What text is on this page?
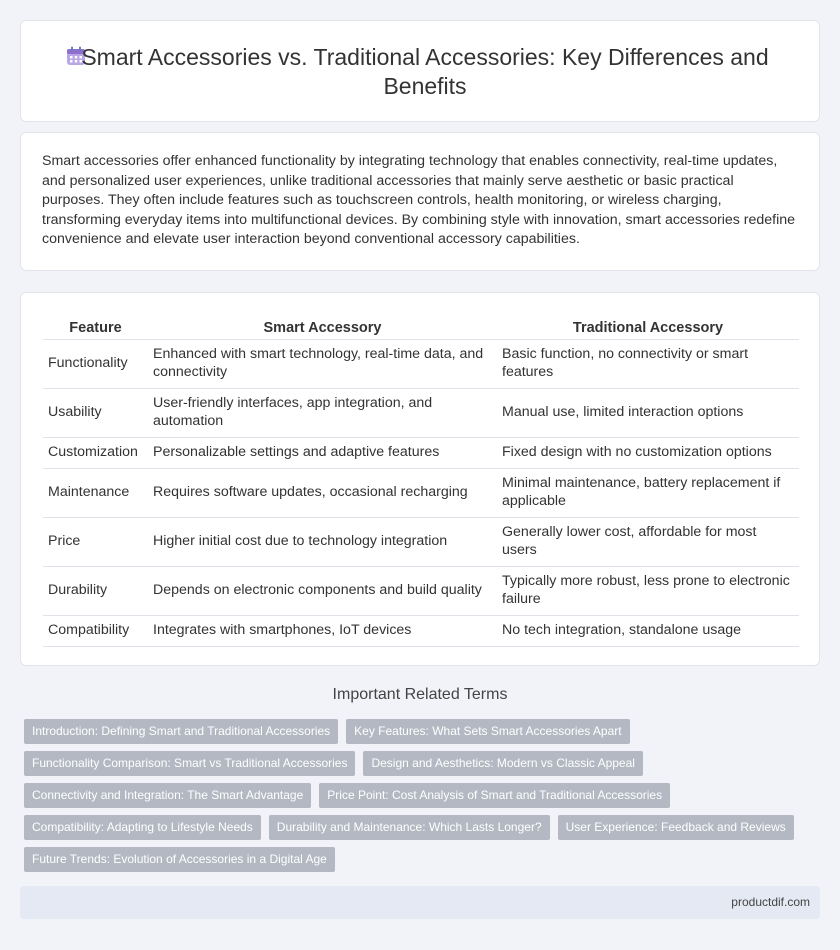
Smart Accessories vs. Traditional Accessories: Key Differences and Benefits

Smart accessories offer enhanced functionality by integrating technology that enables connectivity, real-time updates, and personalized user experiences, unlike traditional accessories that mainly serve aesthetic or basic practical purposes. They often include features such as touchscreen controls, health monitoring, or wireless charging, transforming everyday items into multifunctional devices. By combining style with innovation, smart accessories redefine convenience and elevate user interaction beyond conventional accessory capabilities.

Feature	Smart Accessory	Traditional Accessory
Functionality	Enhanced with smart technology, real-time data, and connectivity	Basic function, no connectivity or smart features
Usability	User-friendly interfaces, app integration, and automation	Manual use, limited interaction options
Customization	Personalizable settings and adaptive features	Fixed design with no customization options
Maintenance	Requires software updates, occasional recharging	Minimal maintenance, battery replacement if applicable
Price	Higher initial cost due to technology integration	Generally lower cost, affordable for most users
Durability	Depends on electronic components and build quality	Typically more robust, less prone to electronic failure
Compatibility	Integrates with smartphones, IoT devices	No tech integration, standalone usage
Important Related Terms
Introduction: Defining Smart and Traditional Accessories	Key Features: What Sets Smart Accessories Apart
Functionality Comparison: Smart vs Traditional Accessories	Design and Aesthetics: Modern vs Classic Appeal
Connectivity and Integration: The Smart Advantage	Price Point: Cost Analysis of Smart and Traditional Accessories
Compatibility: Adapting to Lifestyle Needs	Durability and Maintenance: Which Lasts Longer?	User Experience: Feedback and Reviews
Future Trends: Evolution of Accessories in a Digital Age
productdif.com
